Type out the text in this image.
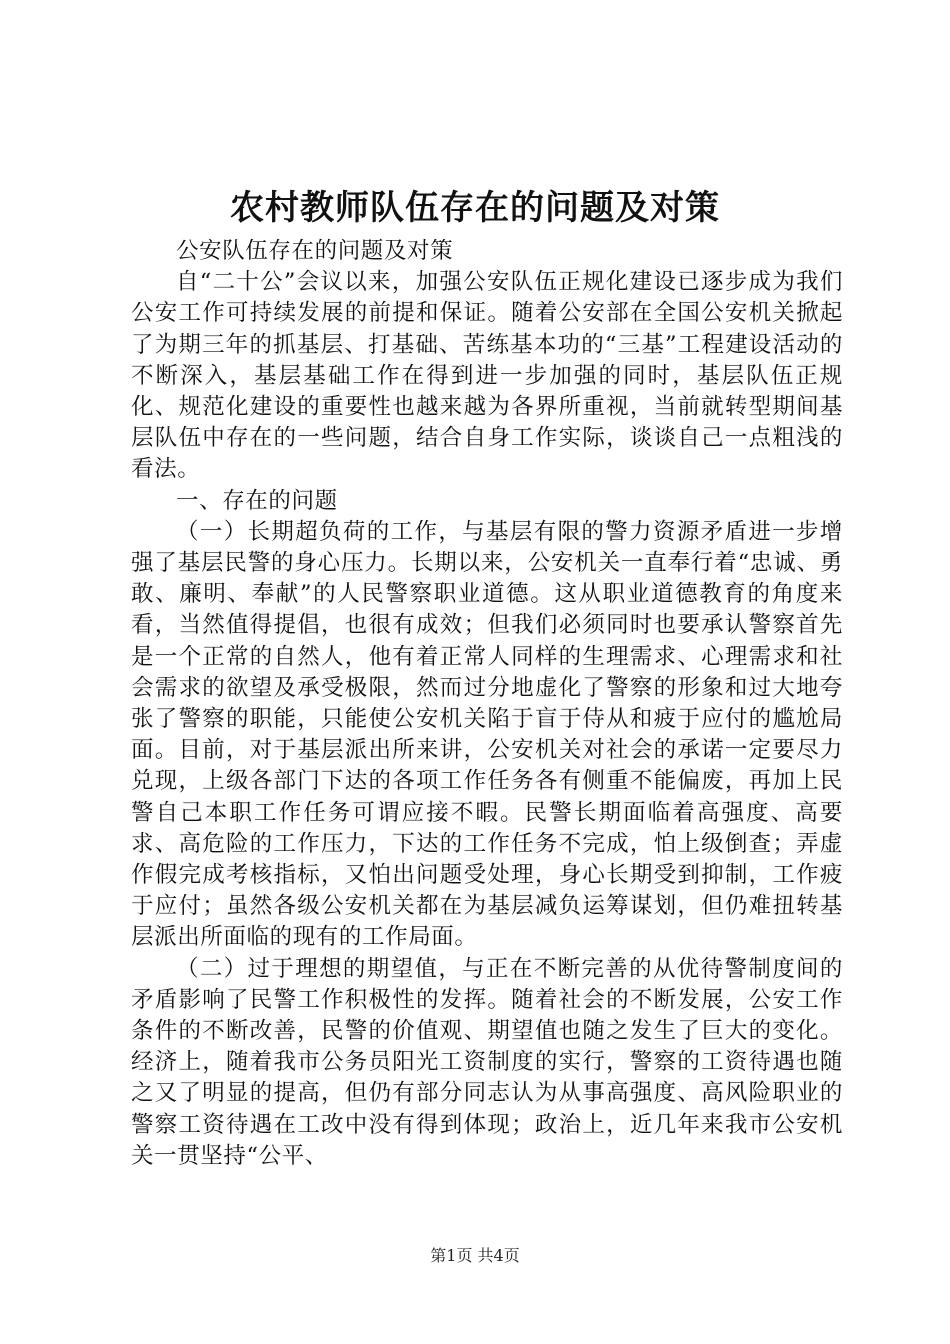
农村教师队伍存在的问题及对策

公安队伍存在的问题及对策

自“二十公”会议以来，加强公安队伍正规化建设已逐步成为我们公安工作可持续发展的前提和保证。随着公安部在全国公安机关掀起了为期三年的抓基层、打基础、苦练基本功的“三基”工程建设活动的不断深入，基层基础工作在得到进一步加强的同时，基层队伍正规化、规范化建设的重要性也越来越为各界所重视，当前就转型期间基层队伍中存在的一些问题，结合自身工作实际，谈谈自己一点粗浅的看法。

一、存在的问题

（一）长期超负荷的工作，与基层有限的警力资源矛盾进一步增强了基层民警的身心压力。长期以来，公安机关一直奉行着“忠诚、勇敢、廉明、奉献”的人民警察职业道德。这从职业道德教育的角度来看，当然值得提倡，也很有成效；但我们必须同时也要承认警察首先是一个正常的自然人，他有着正常人同样的生理需求、心理需求和社会需求的欲望及承受极限，然而过分地虚化了警察的形象和过大地夸张了警察的职能，只能使公安机关陷于盲于侍从和疲于应付的尴尬局面。目前，对于基层派出所来讲，公安机关对社会的承诺一定要尽力兑现，上级各部门下达的各项工作任务各有侧重不能偏废，再加上民警自己本职工作任务可谓应接不暇。民警长期面临着高强度、高要求、高危险的工作压力，下达的工作任务不完成，怕上级倒查；弄虚作假完成考核指标，又怕出问题受处理，身心长期受到抑制，工作疲于应付；虽然各级公安机关都在为基层减负运筹谋划，但仍难扭转基层派出所面临的现有的工作局面。

（二）过于理想的期望值，与正在不断完善的从优待警制度间的矛盾影响了民警工作积极性的发挥。随着社会的不断发展，公安工作条件的不断改善，民警的价值观、期望值也随之发生了巨大的变化。经济上，随着我市公务员阳光工资制度的实行，警察的工资待遇也随之又了明显的提高，但仍有部分同志认为从事高强度、高风险职业的警察工资待遇在工改中没有得到体现；政治上，近几年来我市公安机关一贯坚持“公平、

第1页 共4页
